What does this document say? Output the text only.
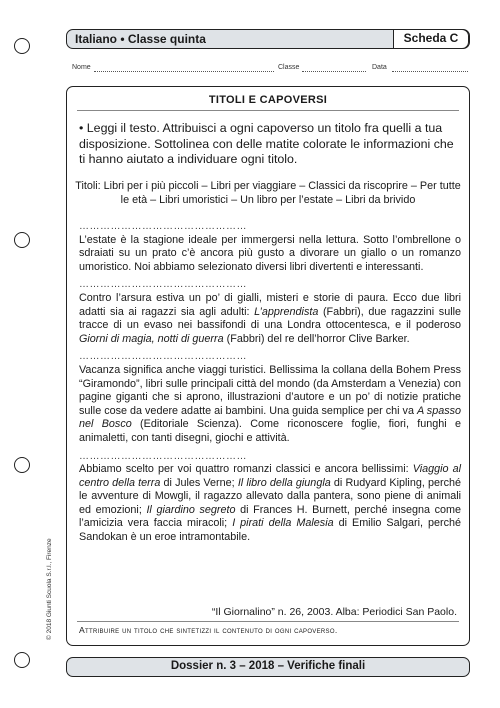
Italiano • Classe quinta	Scheda C
Nome	Classe	Data
TITOLI E CAPOVERSI
• Leggi il testo. Attribuisci a ogni capoverso un titolo fra quelli a tua disposizione. Sottolinea con delle matite colorate le informazioni che ti hanno aiutato a individuare ogni titolo.
Titoli: Libri per i più piccoli – Libri per viaggiare – Classici da riscoprire – Per tutte le età – Libri umoristici – Un libro per l’estate – Libri da brivido
…………………………………………

L’estate è la stagione ideale per immergersi nella lettura. Sotto l’ombrellone o sdraiati su un prato c’è ancora più gusto a divorare un giallo o un romanzo umoristico. Noi abbiamo selezionato diversi libri divertenti e interessanti.

…………………………………………

Contro l’arsura estiva un po’ di gialli, misteri e storie di paura. Ecco due libri adatti sia ai ragazzi sia agli adulti: L’apprendista (Fabbri), due ragazzini sulle tracce di un evaso nei bassifondi di una Londra ottocentesca, e il poderoso Giorni di magia, notti di guerra (Fabbri) del re dell’horror Clive Barker.

…………………………………………

Vacanza significa anche viaggi turistici. Bellissima la collana della Bohem Press “Giramondo”, libri sulle principali città del mondo (da Amsterdam a Venezia) con pagine giganti che si aprono, illustrazioni d’autore e un po’ di notizie pratiche sulle cose da vedere adatte ai bambini. Una guida semplice per chi va A spasso nel Bosco (Editoriale Scienza). Come riconoscere foglie, fiori, funghi e animaletti, con tanti disegni, giochi e attività.

…………………………………………

Abbiamo scelto per voi quattro romanzi classici e ancora bellissimi: Viaggio al centro della terra di Jules Verne; Il libro della giungla di Rudyard Kipling, perché le avventure di Mowgli, il ragazzo allevato dalla pantera, sono piene di animali ed emozioni; Il giardino segreto di Frances H. Burnett, perché insegna come l’amicizia vera faccia miracoli; I pirati della Malesia di Emilio Salgari, perché Sandokan è un eroe intramontabile.

“Il Giornalino” n. 26, 2003. Alba: Periodici San Paolo.
Attribuire un titolo che sintetizzi il contenuto di ogni capoverso.
© 2018 Giunti Scuola S.r.l., Firenze
Dossier n. 3 – 2018 – Verifiche finali
